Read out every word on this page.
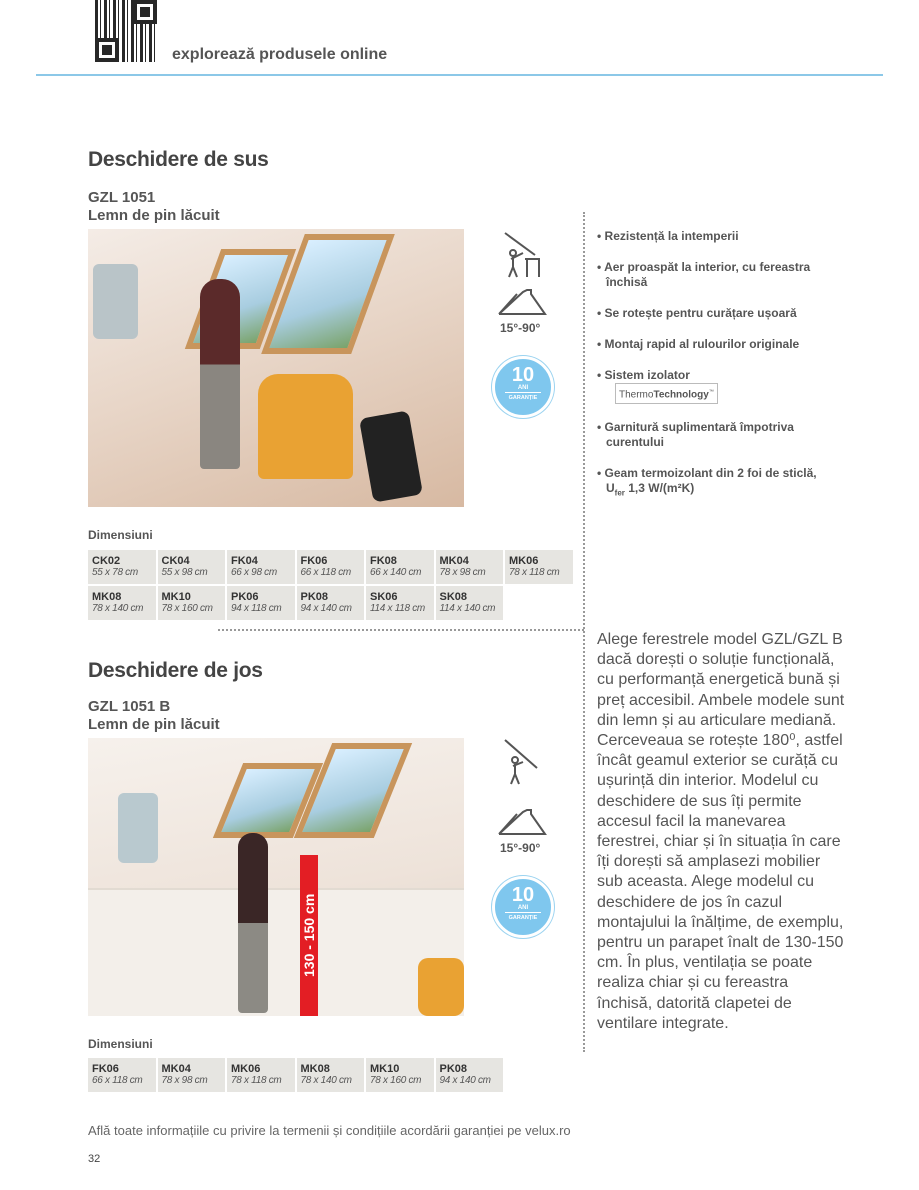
explorează produsele online
Deschidere de sus
GZL 1051
Lemn de pin lăcuit
15°-90°
10
ANI
GARANȚIE
• Rezistență la intemperii
• Aer proaspăt la interior, cu fereastra închisă
• Se rotește pentru curățare ușoară
• Montaj rapid al rulourilor originale
• Sistem izolator
ThermoTechnology™
• Garnitură suplimentară împotriva curentului
• Geam termoizolant din 2 foi de sticlă,
$U_{fer}$ 1,3 W/(m²K)
Dimensiuni
CK02
55 x 78 cm
CK04
55 x 98 cm
FK04
66 x 98 cm
FK06
66 x 118 cm
FK08
66 x 140 cm
MK04
78 x 98 cm
MK06
78 x 118 cm
MK08
78 x 140 cm
MK10
78 x 160 cm
PK06
94 x 118 cm
PK08
94 x 140 cm
SK06
114 x 118 cm
SK08
114 x 140 cm
Deschidere de jos
GZL 1051 B
Lemn de pin lăcuit
130 - 150 cm
15°-90°
10
ANI
GARANȚIE
Alege ferestrele model GZL/GZL B dacă dorești o soluție funcțională, cu performanță energetică bună și preț accesibil. Ambele modele sunt din lemn și au articulare mediană. Cerceveaua se rotește 180⁰, astfel încât geamul exterior se curăță cu ușurință din interior. Modelul cu deschidere de sus îți permite accesul facil la manevarea ferestrei, chiar și în situația în care îți dorești să amplasezi mobilier sub aceasta. Alege modelul cu deschidere de jos în cazul montajului la înălțime, de exemplu, pentru un parapet înalt de 130-150 cm. În plus, ventilația se poate realiza chiar și cu fereastra închisă, datorită clapetei de ventilare integrate.
Dimensiuni
FK06
66 x 118 cm
MK04
78 x 98 cm
MK06
78 x 118 cm
MK08
78 x 140 cm
MK10
78 x 160 cm
PK08
94 x 140 cm
Află toate informațiile cu privire la termenii și condițiile acordării garanției pe velux.ro
32
